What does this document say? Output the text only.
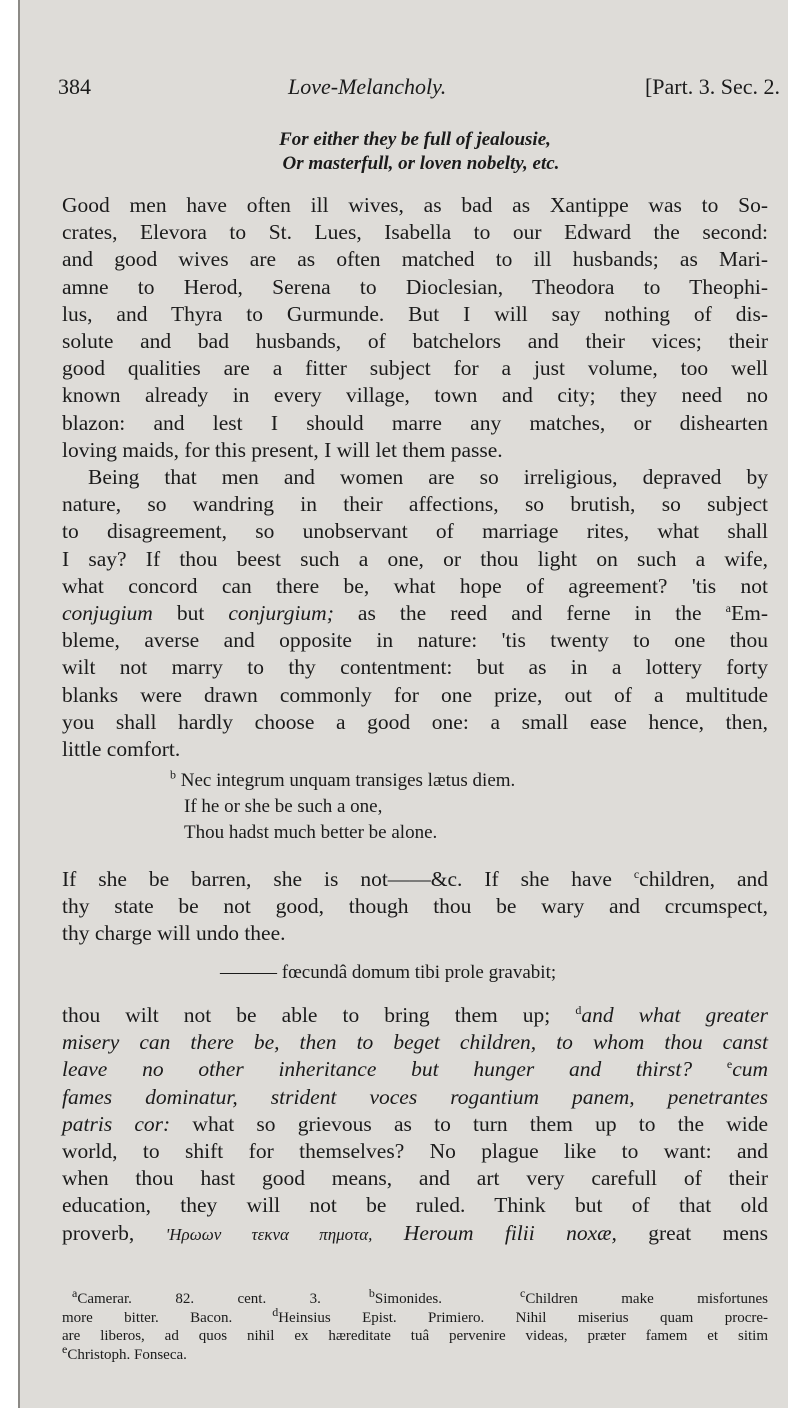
384	Love-Melancholy.	[Part. 3. Sec. 2.
For either they be full of jealousie,
Or masterfull, or loven nobelty, etc.
Good men have often ill wives, as bad as Xantippe was to So-
crates, Elevora to St. Lues, Isabella to our Edward the second:
and good wives are as often matched to ill husbands; as Mari-
amne to Herod, Serena to Dioclesian, Theodora to Theophi-
lus, and Thyra to Gurmunde. But I will say nothing of dis-
solute and bad husbands, of batchelors and their vices; their
good qualities are a fitter subject for a just volume, too well
known already in every village, town and city; they need no
blazon: and lest I should marre any matches, or dishearten
loving maids, for this present, I will let them passe.
Being that men and women are so irreligious, depraved by
nature, so wandring in their affections, so brutish, so subject
to disagreement, so unobservant of marriage rites, what shall
I say? If thou beest such a one, or thou light on such a wife,
what concord can there be, what hope of agreement? 'tis not
conjugium but conjurgium; as the reed and ferne in the $^a$Em-
bleme, averse and opposite in nature: 'tis twenty to one thou
wilt not marry to thy contentment: but as in a lottery forty
blanks were drawn commonly for one prize, out of a multitude
you shall hardly choose a good one: a small ease hence, then,
little comfort.
$^b$ Nec integrum unquam transiges lætus diem.
If he or she be such a one,
Thou hadst much better be alone.
If she be barren, she is not——&c. If she have $^c$children, and
thy state be not good, though thou be wary and crcumspect,
thy charge will undo thee.
——— fœcundâ domum tibi prole gravabit;
thou wilt not be able to bring them up; $^d$and what greater
misery can there be, then to beget children, to whom thou canst
leave no other inheritance but hunger and thirst?	$^e$cum
fames dominatur, strident voces rogantium panem, penetrantes
patris cor: what so grievous as to turn them up to the wide
world, to shift for themselves? No plague like to want: and
when thou hast good means, and art very carefull of their
education, they will not be ruled. Think but of that old
proverb, 'Ηρωων τεκνα πημοτα, Heroum filii noxæ, great mens
$^a$Camerar. 82. cent. 3.	$^b$Simonides.	$^c$Children make misfortunes
more bitter. Bacon.	$^d$Heinsius Epist. Primiero. Nihil miserius quam procre-
are liberos, ad quos nihil ex hæreditate tuâ pervenire videas, præter famem et sitim
$^e$Christoph. Fonseca.
